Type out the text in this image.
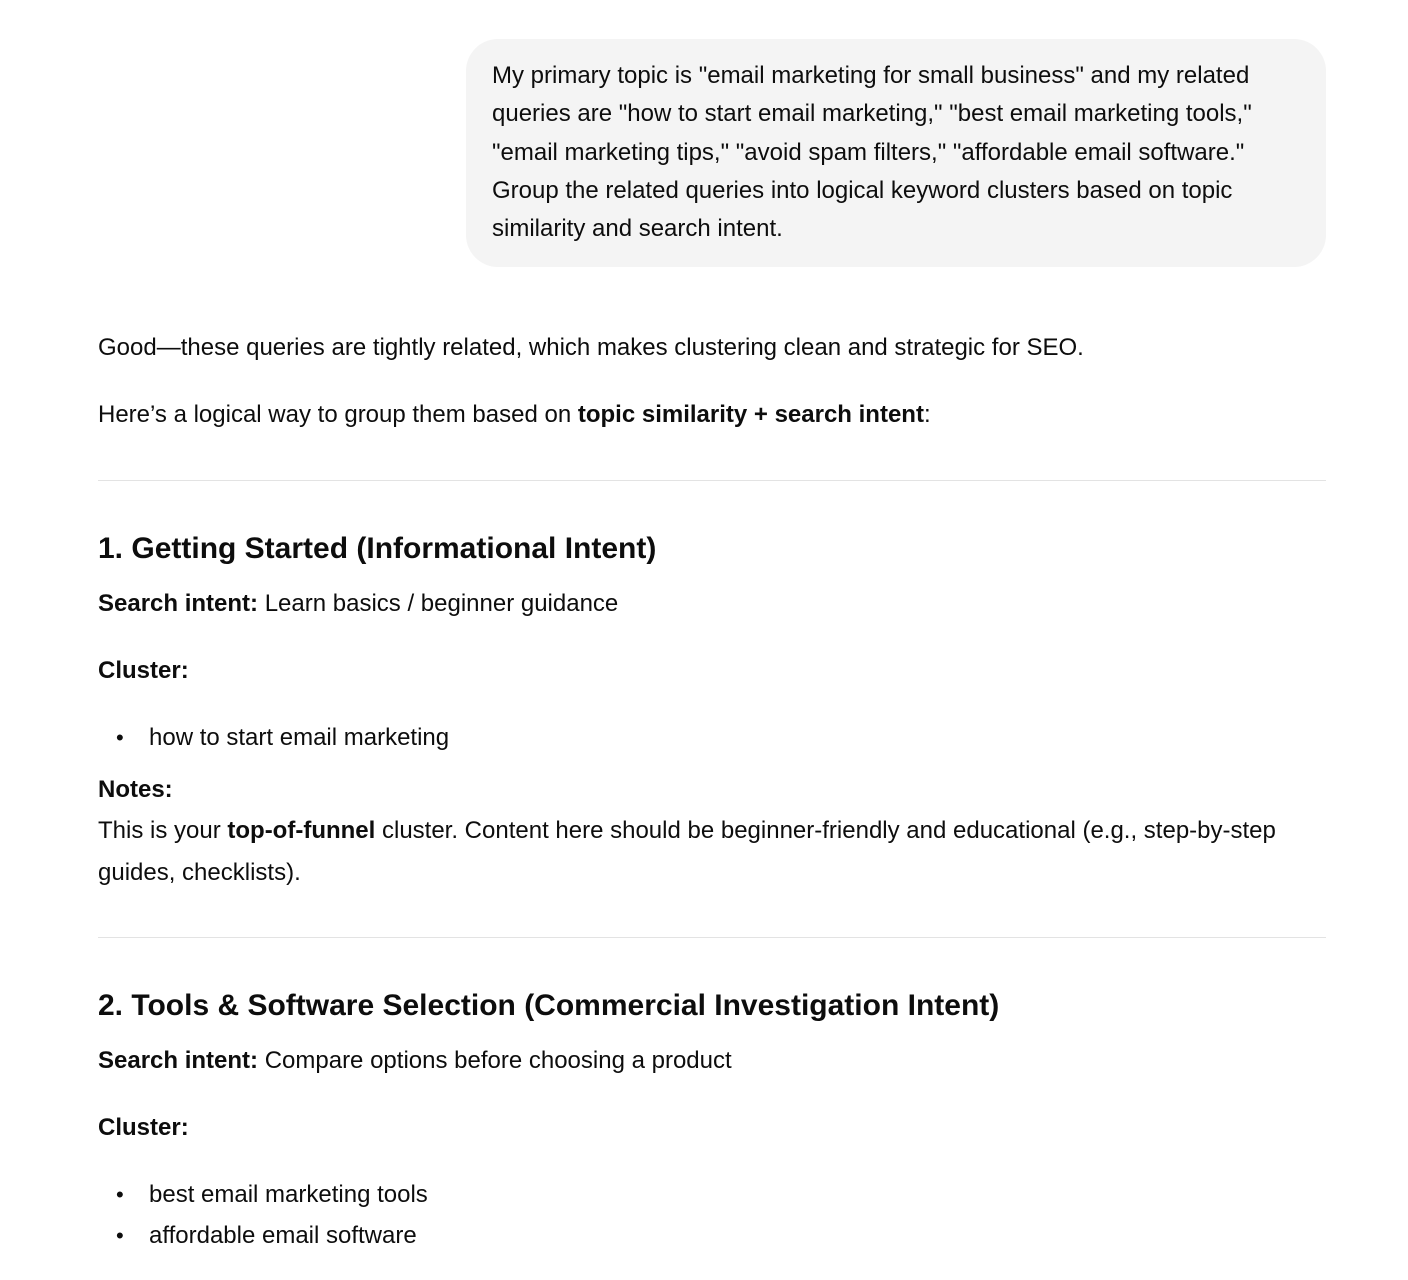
My primary topic is "email marketing for small business" and my related queries are "how to start email marketing," "best email marketing tools," "email marketing tips," "avoid spam filters," "affordable email software." Group the related queries into logical keyword clusters based on topic similarity and search intent.

Good—these queries are tightly related, which makes clustering clean and strategic for SEO.

Here’s a logical way to group them based on topic similarity + search intent:

1. Getting Started (Informational Intent)

Search intent: Learn basics / beginner guidance

Cluster:

• how to start email marketing

Notes:

This is your top-of-funnel cluster. Content here should be beginner-friendly and educational (e.g., step-by-step guides, checklists).

2. Tools & Software Selection (Commercial Investigation Intent)

Search intent: Compare options before choosing a product

Cluster:

• best email marketing tools
• affordable email software
